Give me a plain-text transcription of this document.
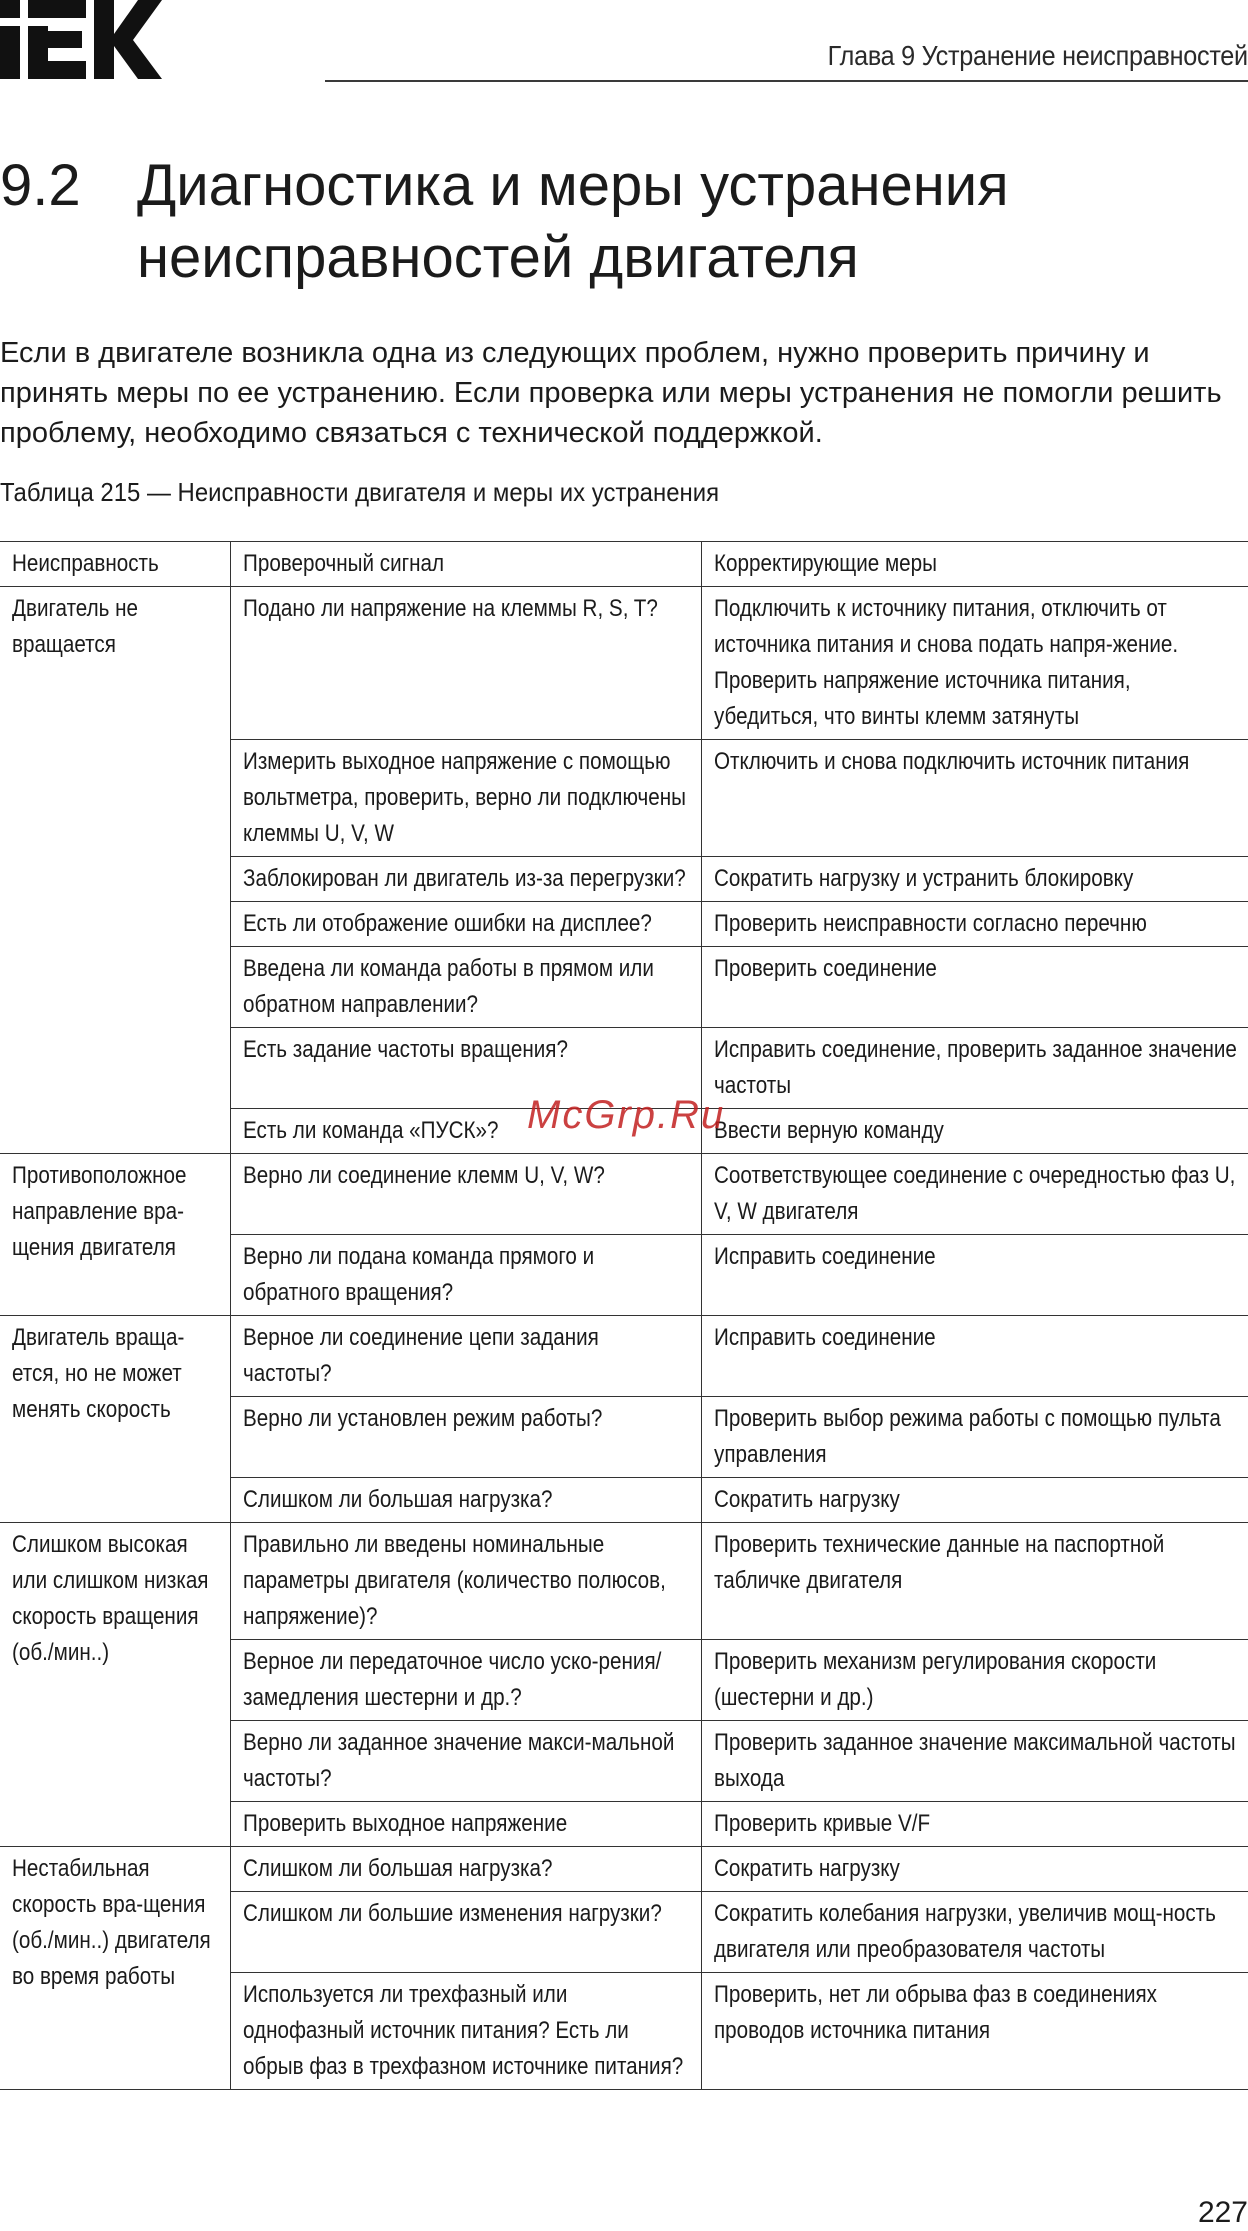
Глава 9 Устранение неисправностей
9.2 Диагностика и меры устранения неисправностей двигателя

Если в двигателе возникла одна из следующих проблем, нужно проверить причину и принять меры по ее устранению. Если проверка или меры устранения не помогли решить проблему, необходимо связаться с технической поддержкой.

Таблица 215 — Неисправности двигателя и меры их устранения
Неисправность	Проверочный сигнал	Корректирующие меры

Двигатель не вращается	Подано ли напряжение на клеммы R, S, T?	Подключить к источнику питания, отключить от источника питания и снова подать напря-жение. Проверить напряжение источника питания, убедиться, что винты клемм затянуты

	Измерить выходное напряжение с помощью вольтметра, проверить, верно ли подключены клеммы U, V, W	Отключить и снова подключить источник питания

	Заблокирован ли двигатель из-за перегрузки?	Сократить нагрузку и устранить блокировку

	Есть ли отображение ошибки на дисплее?	Проверить неисправности согласно перечню

	Введена ли команда работы в прямом или обратном направлении?	Проверить соединение

	Есть задание частоты вращения?	Исправить соединение, проверить заданное значение частоты

	Есть ли команда «ПУСК»?	Ввести верную команду

Противоположное направление вра-щения двигателя	Верно ли соединение клемм U, V, W?	Соответствующее соединение с очередностью фаз U, V, W двигателя

	Верно ли подана команда прямого и обратного вращения?	Исправить соединение

Двигатель враща-ется, но не может менять скорость	Верное ли соединение цепи задания частоты?	Исправить соединение

	Верно ли установлен режим работы?	Проверить выбор режима работы с помощью пульта управления

	Слишком ли большая нагрузка?	Сократить нагрузку

Слишком высокая или слишком низкая скорость вращения (об./мин..)	Правильно ли введены номинальные параметры двигателя (количество полюсов, напряжение)?	Проверить технические данные на паспортной табличке двигателя

	Верное ли передаточное число уско-рения/замедления шестерни и др.?	Проверить механизм регулирования скорости (шестерни и др.)

	Верно ли заданное значение макси-мальной частоты?	Проверить заданное значение максимальной частоты выхода

	Проверить выходное напряжение	Проверить кривые V/F

Нестабильная скорость вра-щения (об./мин..) двигателя во время работы	Слишком ли большая нагрузка?	Сократить нагрузку

	Слишком ли большие изменения нагрузки?	Сократить колебания нагрузки, увеличив мощ-ность двигателя или преобразователя частоты

	Используется ли трехфазный или однофазный источник питания? Есть ли обрыв фаз в трехфазном источнике питания?	Проверить, нет ли обрыва фаз в соединениях проводов источника питания
McGrp.Ru
227
